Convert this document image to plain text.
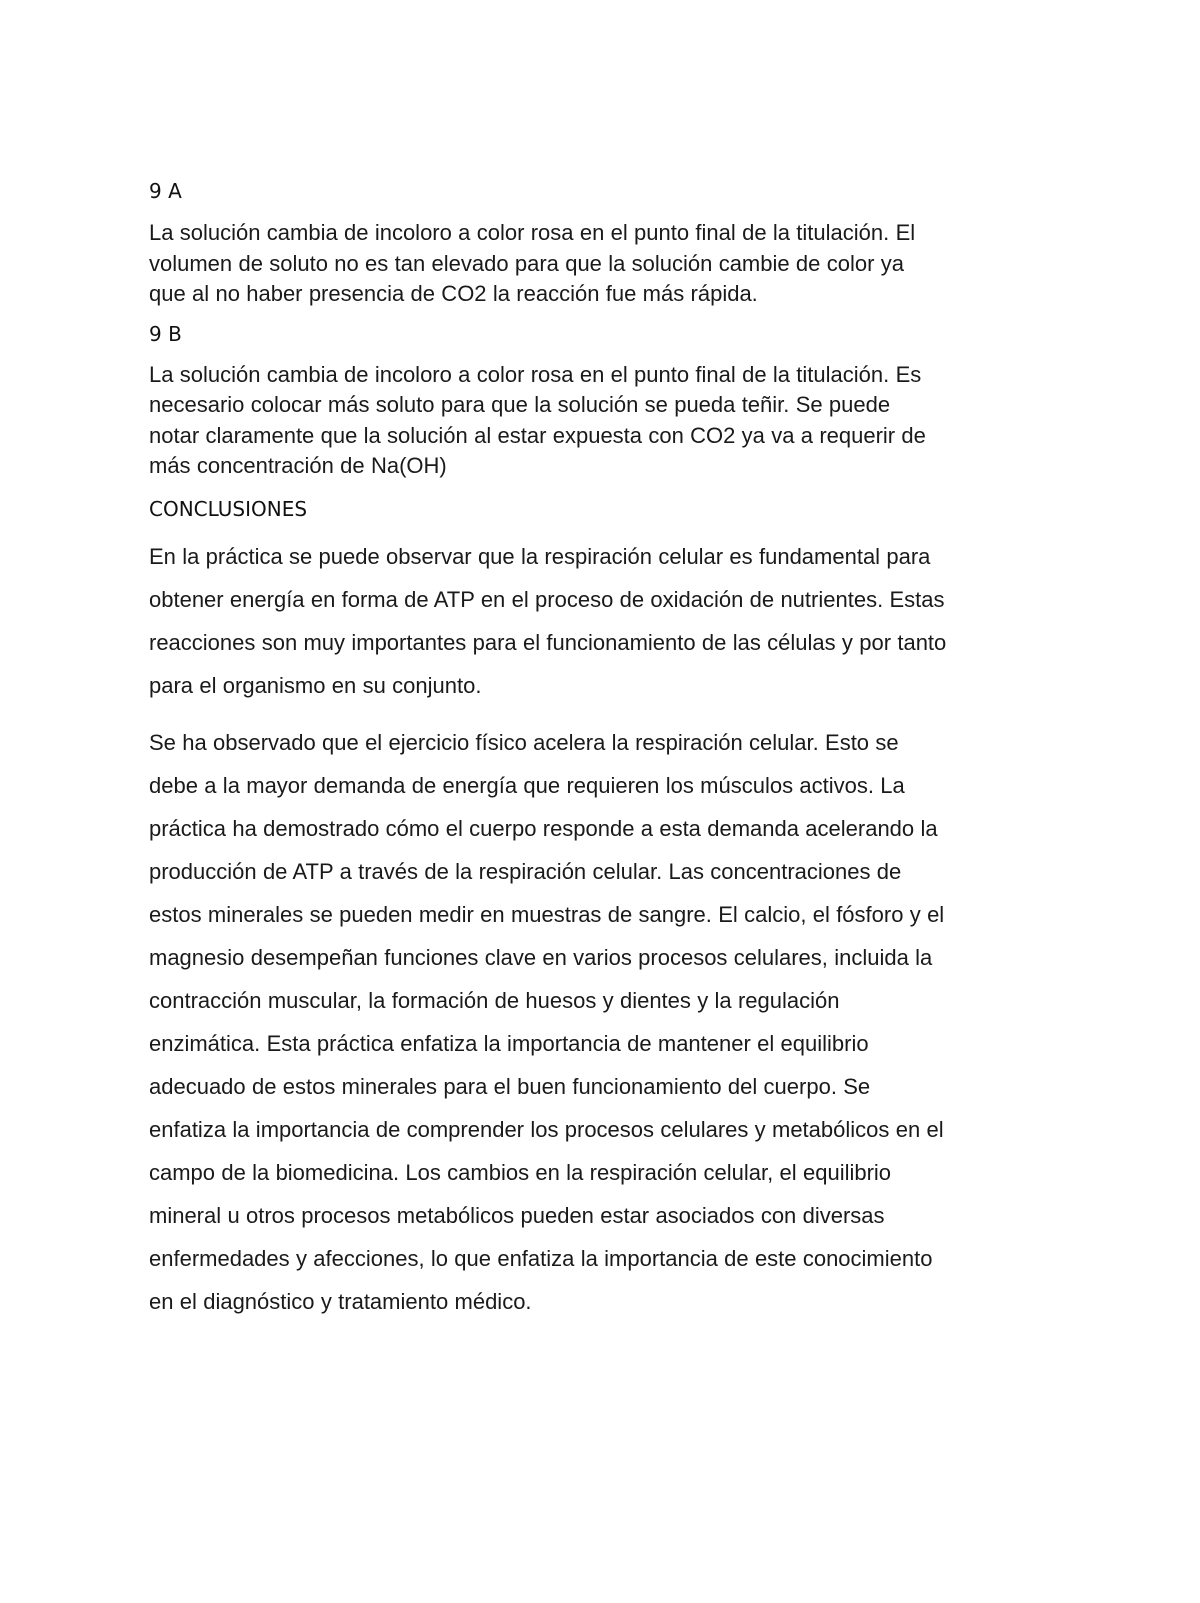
9 A

La solución cambia de incoloro a color rosa en el punto final de la titulación. El
volumen de soluto no es tan elevado para que la solución cambie de color ya
que al no haber presencia de CO2 la reacción fue más rápida.

9 B

La solución cambia de incoloro a color rosa en el punto final de la titulación. Es
necesario colocar más soluto para que la solución se pueda teñir. Se puede
notar claramente que la solución al estar expuesta con CO2 ya va a requerir de
más concentración de Na(OH)

CONCLUSIONES

En la práctica se puede observar que la respiración celular es fundamental para
obtener energía en forma de ATP en el proceso de oxidación de nutrientes. Estas
reacciones son muy importantes para el funcionamiento de las células y por tanto
para el organismo en su conjunto.

Se ha observado que el ejercicio físico acelera la respiración celular. Esto se
debe a la mayor demanda de energía que requieren los músculos activos. La
práctica ha demostrado cómo el cuerpo responde a esta demanda acelerando la
producción de ATP a través de la respiración celular. Las concentraciones de
estos minerales se pueden medir en muestras de sangre. El calcio, el fósforo y el
magnesio desempeñan funciones clave en varios procesos celulares, incluida la
contracción muscular, la formación de huesos y dientes y la regulación
enzimática. Esta práctica enfatiza la importancia de mantener el equilibrio
adecuado de estos minerales para el buen funcionamiento del cuerpo. Se
enfatiza la importancia de comprender los procesos celulares y metabólicos en el
campo de la biomedicina. Los cambios en la respiración celular, el equilibrio
mineral u otros procesos metabólicos pueden estar asociados con diversas
enfermedades y afecciones, lo que enfatiza la importancia de este conocimiento
en el diagnóstico y tratamiento médico.
